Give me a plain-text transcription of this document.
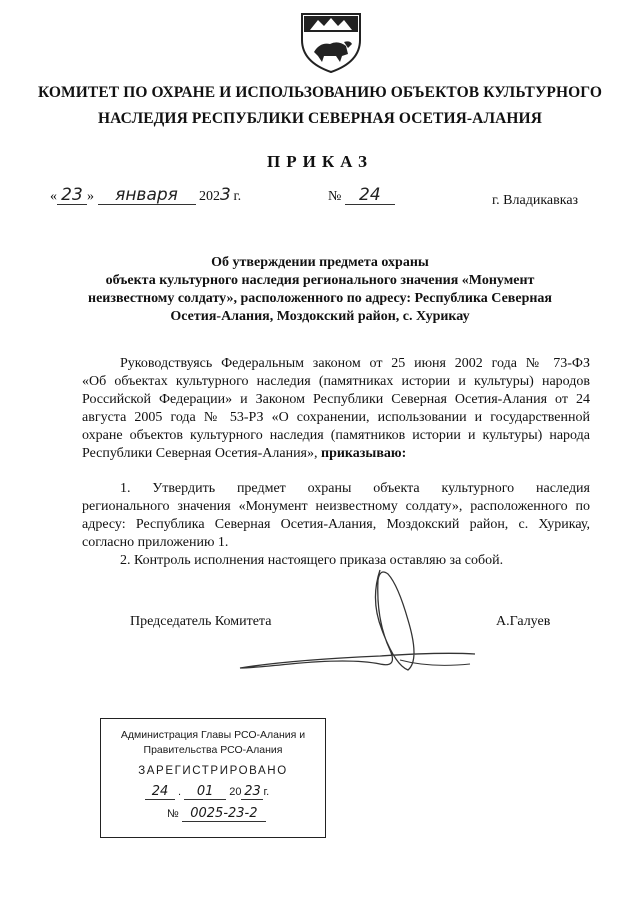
КОМИТЕТ ПО ОХРАНЕ И ИСПОЛЬЗОВАНИЮ ОБЪЕКТОВ КУЛЬТУРНОГО
НАСЛЕДИЯ РЕСПУБЛИКИ СЕВЕРНАЯ ОСЕТИЯ-АЛАНИЯ
ПРИКАЗ
« 23 » января 2023 г.	№ 24	г. Владикавказ
Об утверждении предмета охраны
объекта культурного наследия регионального значения «Монумент
неизвестному солдату», расположенного по адресу: Республика Северная
Осетия-Алания, Моздокский район, с. Хурикау
Руководствуясь Федеральным законом от 25 июня 2002 года № 73-ФЗ
«Об объектах культурного наследия (памятниках истории и культуры) народов
Российской Федерации» и Законом Республики Северная Осетия-Алания от 24
августа 2005 года № 53-РЗ «О сохранении, использовании и государственной
охране объектов культурного наследия (памятников истории и культуры) народа
Республики Северная Осетия-Алания», приказываю:
1. Утвердить предмет охраны объекта культурного наследия
регионального значения «Монумент неизвестному солдату», расположенного по
адресу: Республика Северная Осетия-Алания, Моздокский район, с. Хурикау,
согласно приложению 1.
2. Контроль исполнения настоящего приказа оставляю за собой.
Председатель Комитета	А.Галуев
Администрация Главы РСО-Алания и
Правительства РСО-Алания
ЗАРЕГИСТРИРОВАНО
24 . 01 20 23 г.
№ 0025-23-2
